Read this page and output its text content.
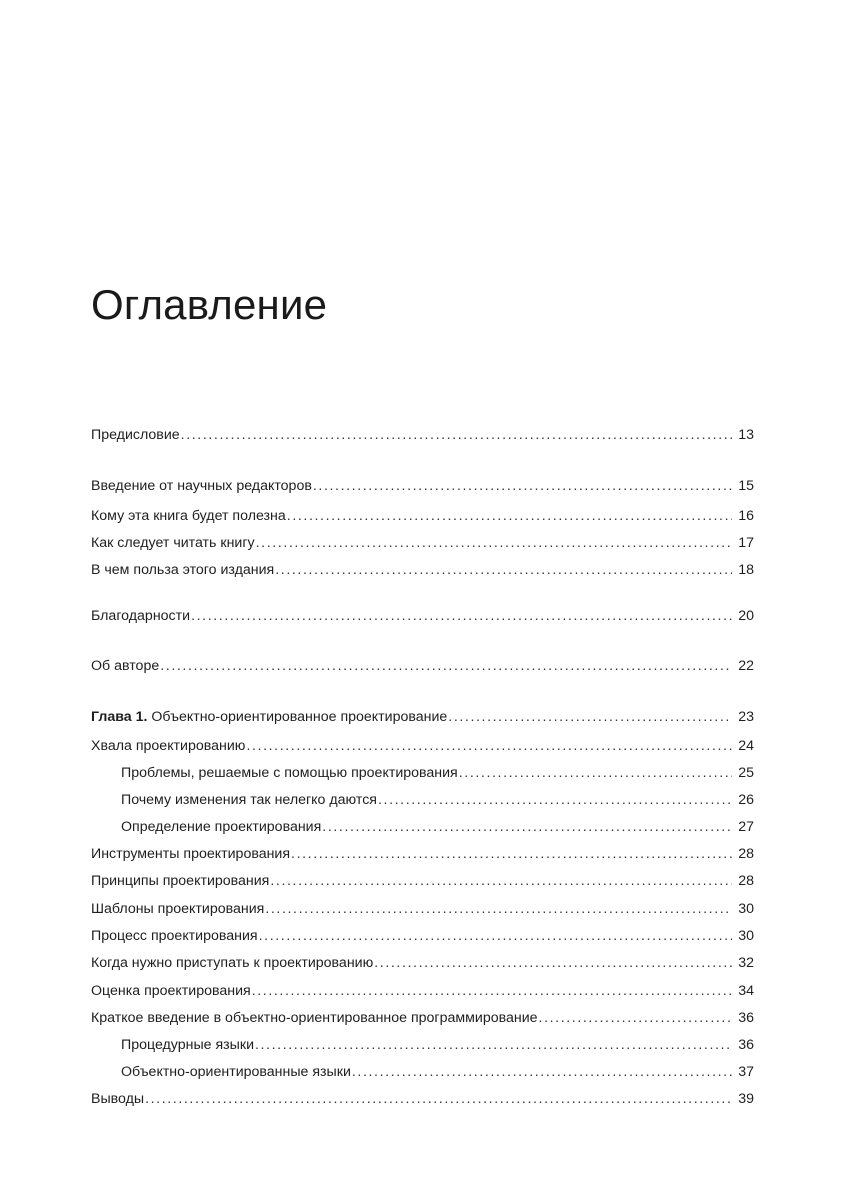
Оглавление
Предисловие .....	13
Введение от научных редакторов .....	15
Кому эта книга будет полезна .....	16
Как следует читать книгу .....	17
В чем польза этого издания .....	18
Благодарности .....	20
Об авторе .....	22
Глава 1. Объектно-ориентированное проектирование .....	23
Хвала проектированию .....	24
Проблемы, решаемые с помощью проектирования .....	25
Почему изменения так нелегко даются .....	26
Определение проектирования .....	27
Инструменты проектирования .....	28
Принципы проектирования .....	28
Шаблоны проектирования .....	30
Процесс проектирования .....	30
Когда нужно приступать к проектированию .....	32
Оценка проектирования .....	34
Краткое введение в объектно-ориентированное программирование .....	36
Процедурные языки .....	36
Объектно-ориентированные языки .....	37
Выводы .....	39
